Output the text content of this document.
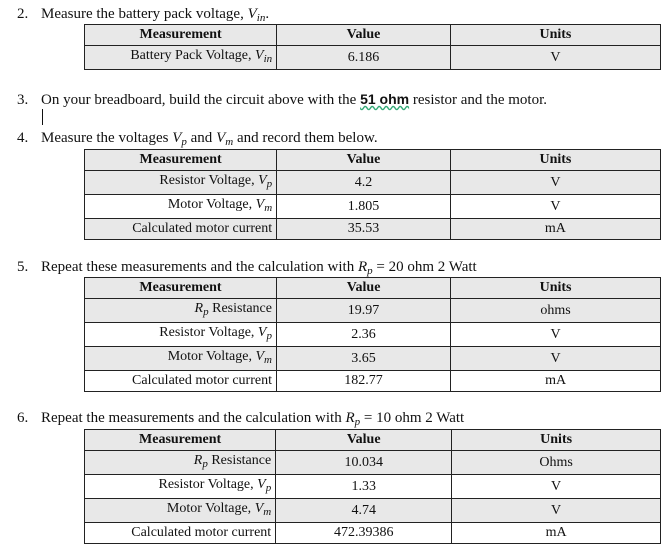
2. Measure the battery pack voltage, $V_{in}$.
Measurement	Value	Units
Battery Pack Voltage, $V_{in}$	6.186	V
3. On your breadboard, build the circuit above with the 51 ohm resistor and the motor.
4. Measure the voltages $V_p$ and $V_m$ and record them below.
Measurement	Value	Units
Resistor Voltage, $V_p$	4.2	V
Motor Voltage, $V_m$	1.805	V
Calculated motor current	35.53	mA
5. Repeat these measurements and the calculation with $R_p = 20$ ohm 2 Watt
Measurement	Value	Units
$R_p$ Resistance	19.97	ohms
Resistor Voltage, $V_p$	2.36	V
Motor Voltage, $V_m$	3.65	V
Calculated motor current	182.77	mA
6. Repeat the measurements and the calculation with $R_p = 10$ ohm 2 Watt
Measurement	Value	Units
$R_p$ Resistance	10.034	Ohms
Resistor Voltage, $V_p$	1.33	V
Motor Voltage, $V_m$	4.74	V
Calculated motor current	472.39386	mA
